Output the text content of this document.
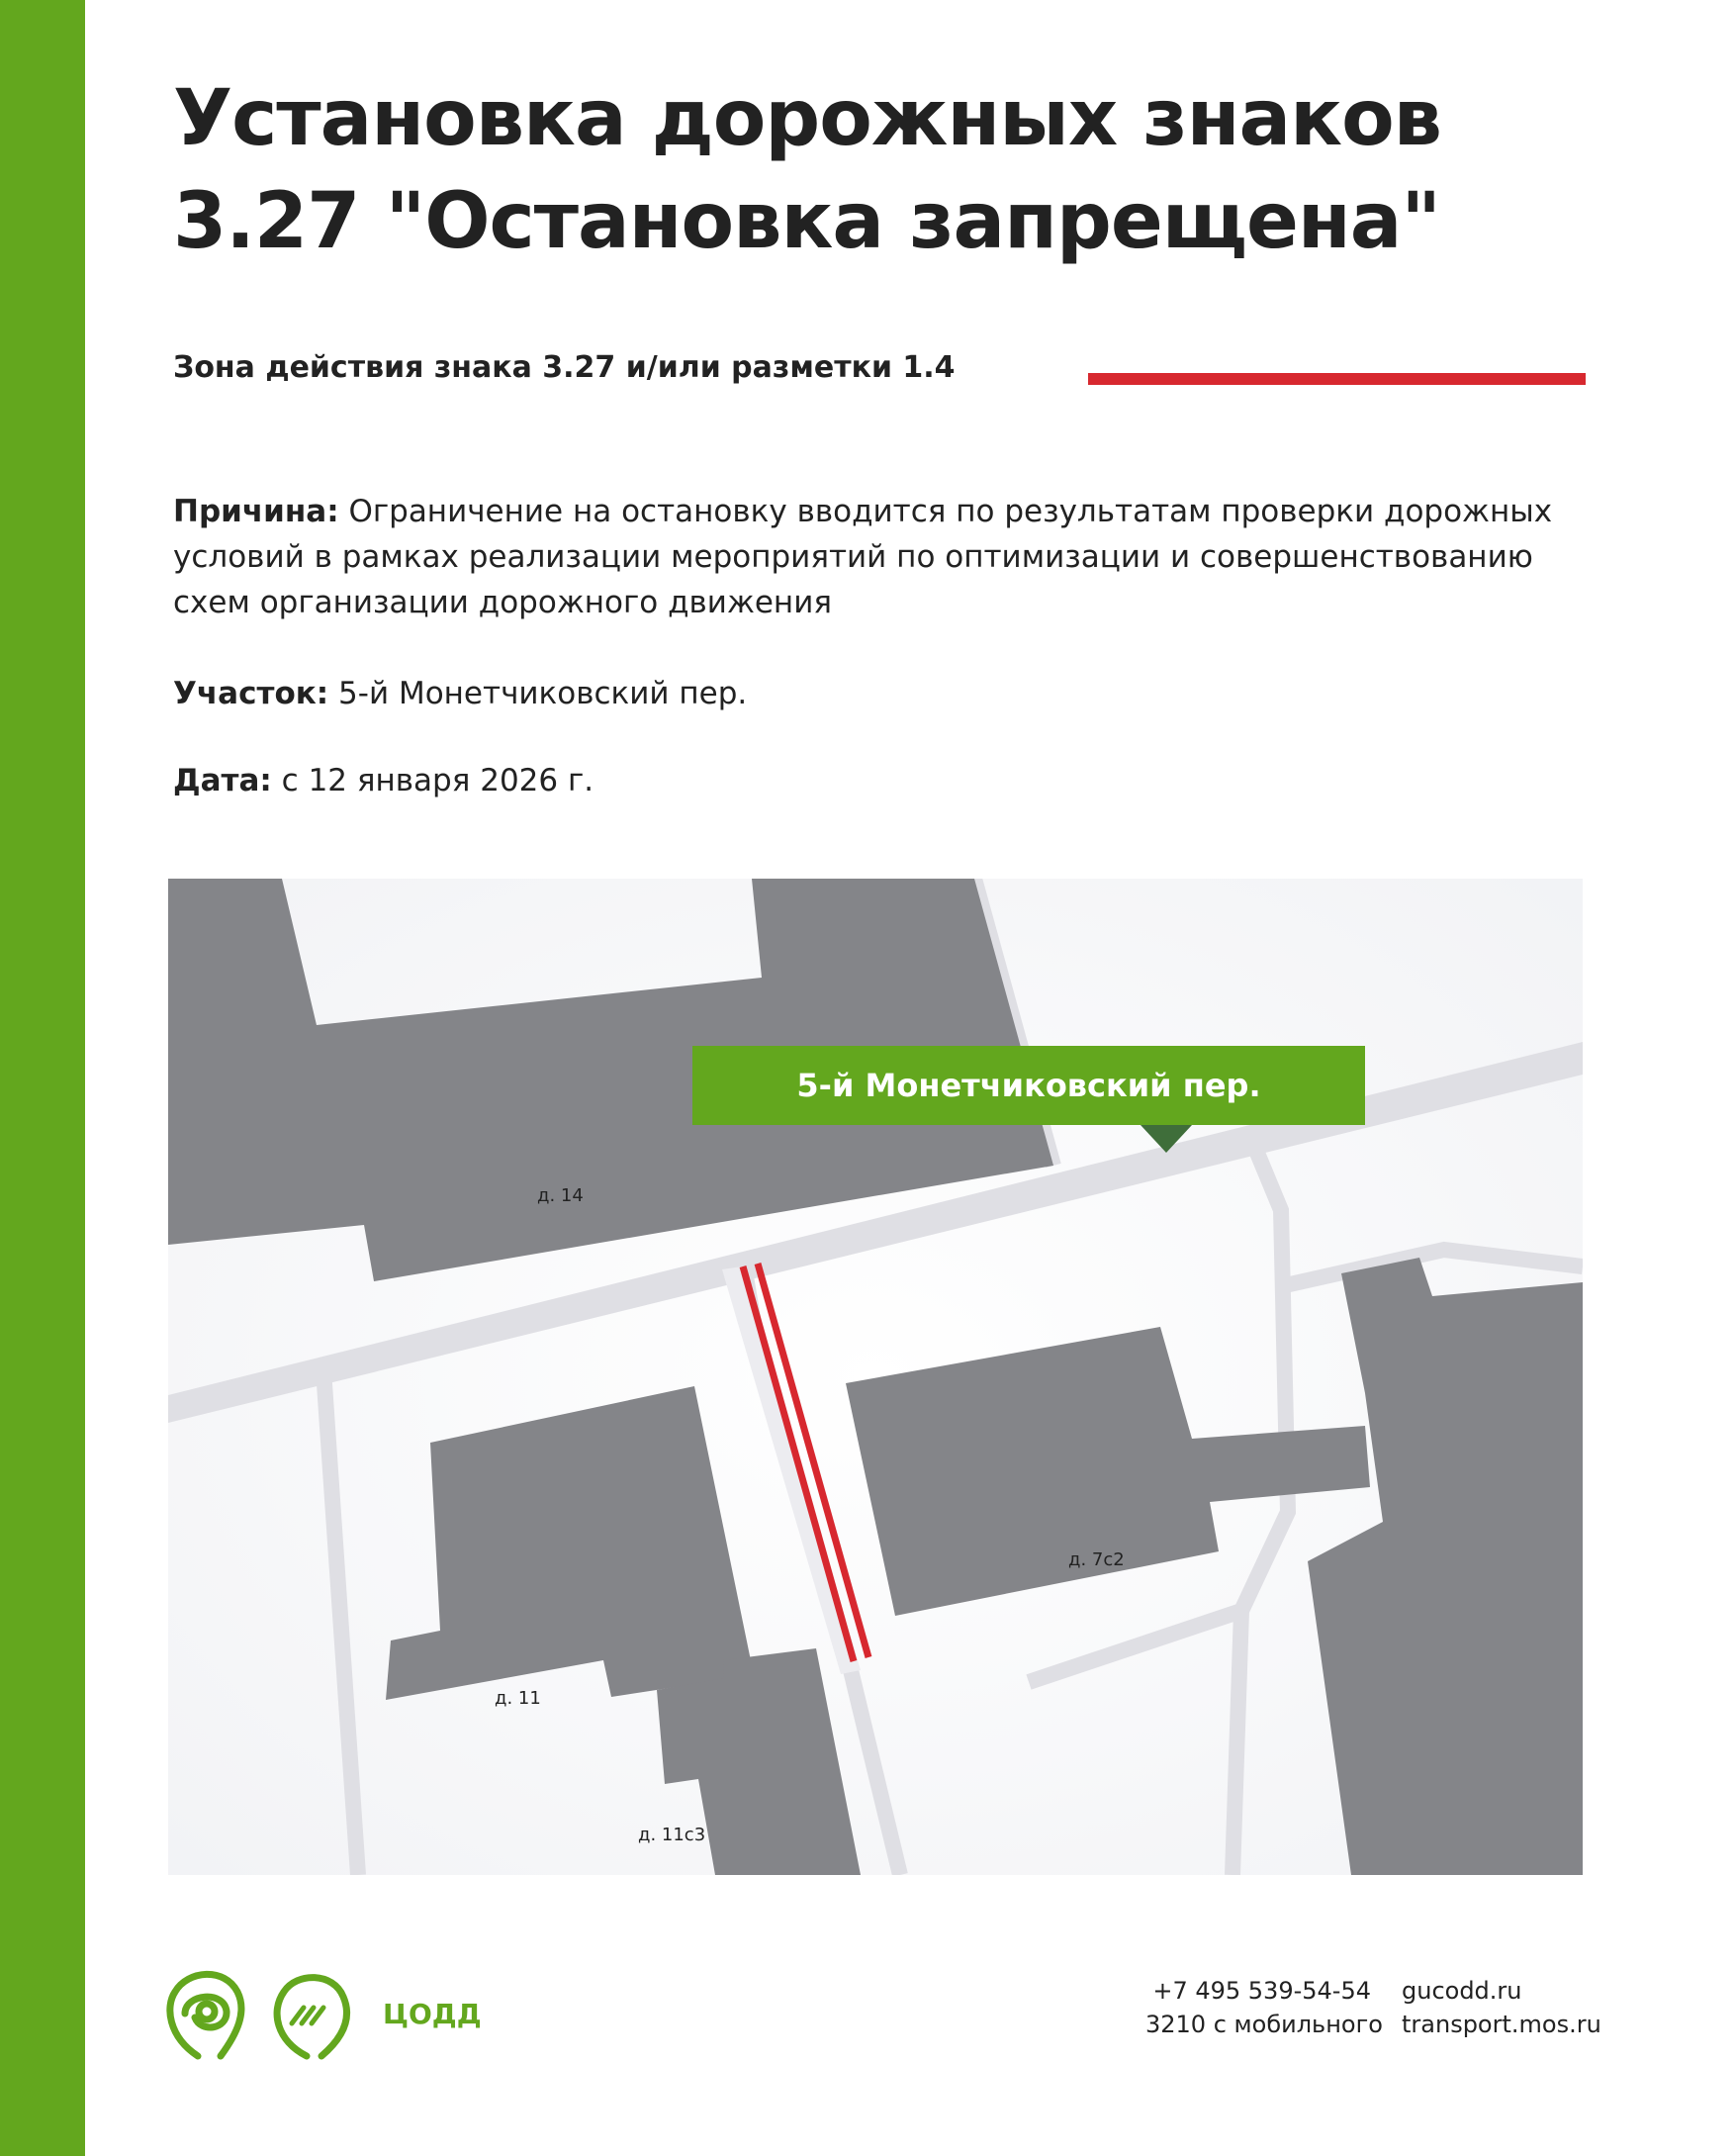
Установка дорожных знаков
3.27 "Остановка запрещена"
Зона действия знака 3.27 и/или разметки 1.4

Причина: Ограничение на остановку вводится по результатам проверки дорожных условий в рамках реализации мероприятий по оптимизации и совершенствованию схем организации дорожного движения

Участок: 5-й Монетчиковский пер.

Дата: с 12 января 2026 г.

д. 14
д. 7с2
д. 11
д. 11с3
5-й Монетчиковский пер.
ЦОДД
+7 495 539-54-54
3210 с мобильного
gucodd.ru
transport.mos.ru
